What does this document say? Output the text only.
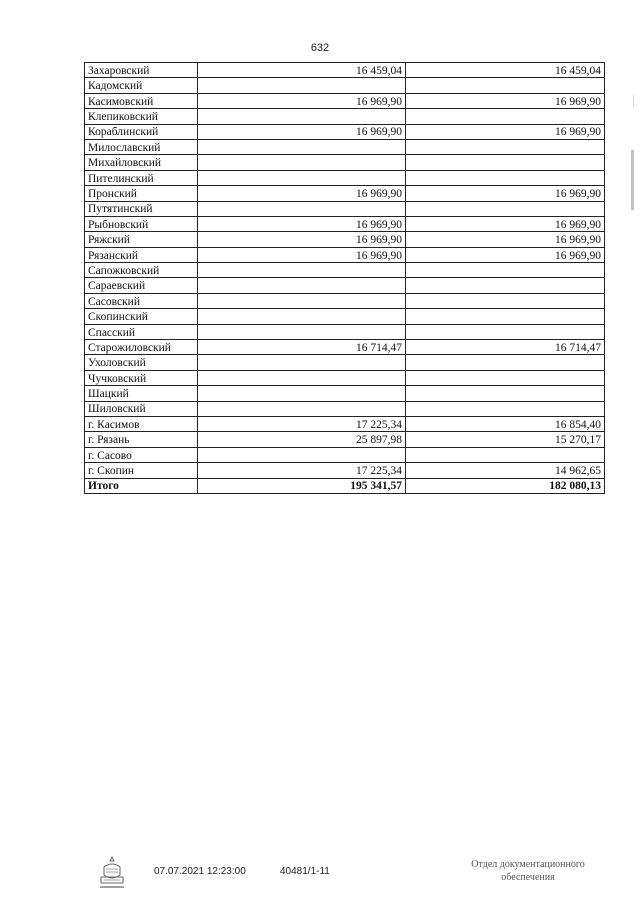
632
Захаровский	16 459,04	16 459,04
Кадомский		
Касимовский	16 969,90	16 969,90
Клепиковский		
Кораблинский	16 969,90	16 969,90
Милославский		
Михайловский		
Пителинский		
Пронский	16 969,90	16 969,90
Путятинский		
Рыбновский	16 969,90	16 969,90
Ряжский	16 969,90	16 969,90
Рязанский	16 969,90	16 969,90
Сапожковский		
Сараевский		
Сасовский		
Скопинский		
Спасский		
Старожиловский	16 714,47	16 714,47
Ухоловский		
Чучковский		
Шацкий		
Шиловский		
г. Касимов	17 225,34	16 854,40
г. Рязань	25 897,98	15 270,17
г. Сасово		
г. Скопин	17 225,34	14 962,65
Итого	195 341,57	182 080,13
07.07.2021 12:23:00	40481/1-11
Отдел документационного
обеспечения
